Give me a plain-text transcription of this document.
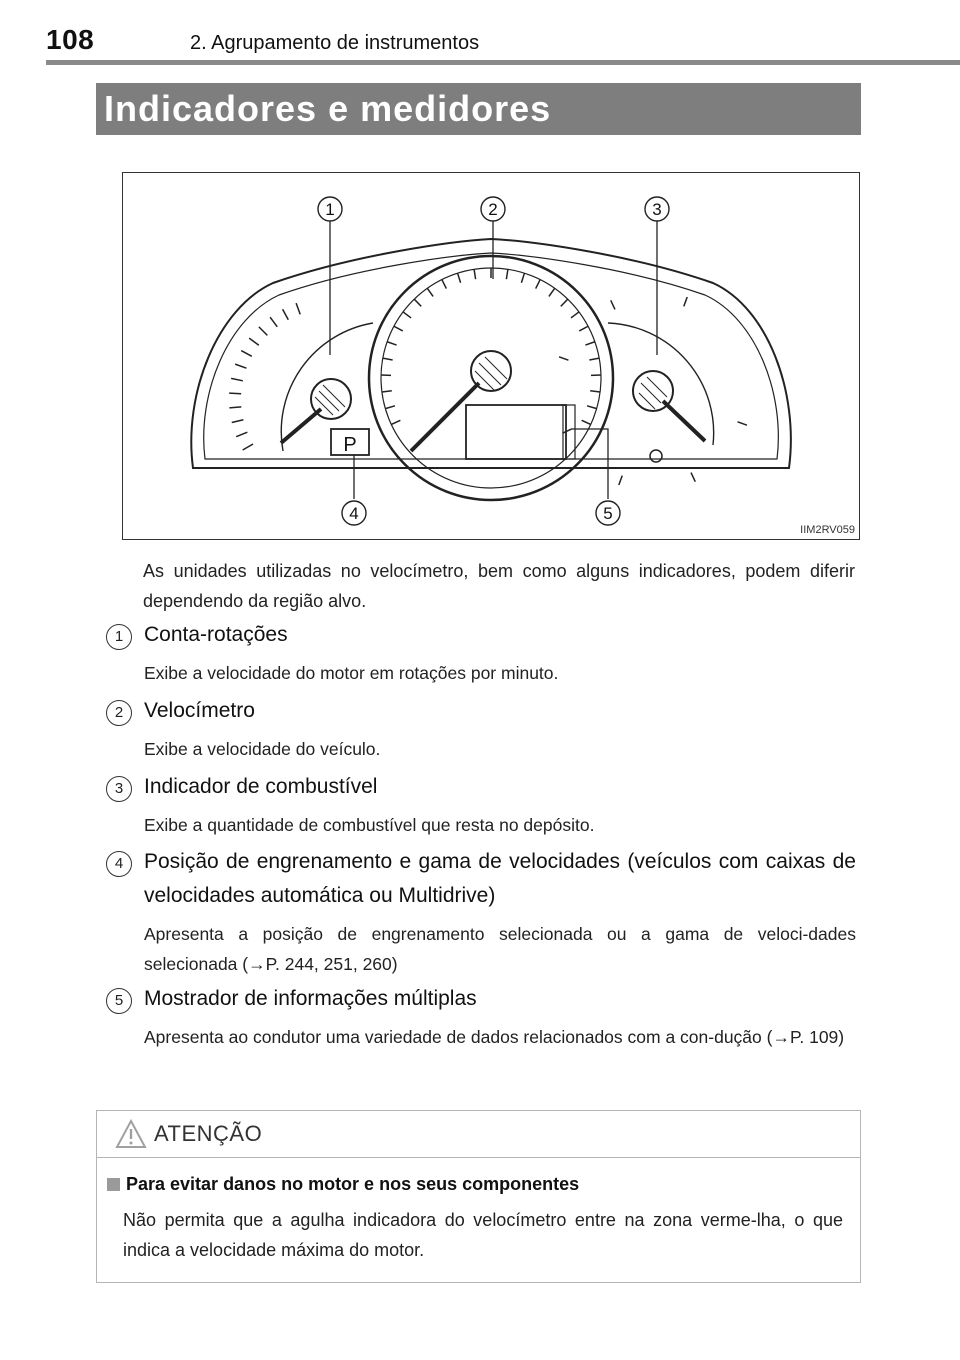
108	2. Agrupamento de instrumentos
Indicadores e medidores
P
1	2	3
4	5
IIM2RV059
As unidades utilizadas no velocímetro, bem como alguns indicadores, podem diferir dependendo da região alvo.
1 Conta-rotações
Exibe a velocidade do motor em rotações por minuto.
2 Velocímetro
Exibe a velocidade do veículo.
3 Indicador de combustível
Exibe a quantidade de combustível que resta no depósito.
4 Posição de engrenamento e gama de velocidades (veículos com caixas de velocidades automática ou Multidrive)
Apresenta a posição de engrenamento selecionada ou a gama de veloci-dades selecionada (→P. 244, 251, 260)
5 Mostrador de informações múltiplas
Apresenta ao condutor uma variedade de dados relacionados com a con-dução (→P. 109)
ATENÇÃO
Para evitar danos no motor e nos seus componentes
Não permita que a agulha indicadora do velocímetro entre na zona verme-lha, o que indica a velocidade máxima do motor.
